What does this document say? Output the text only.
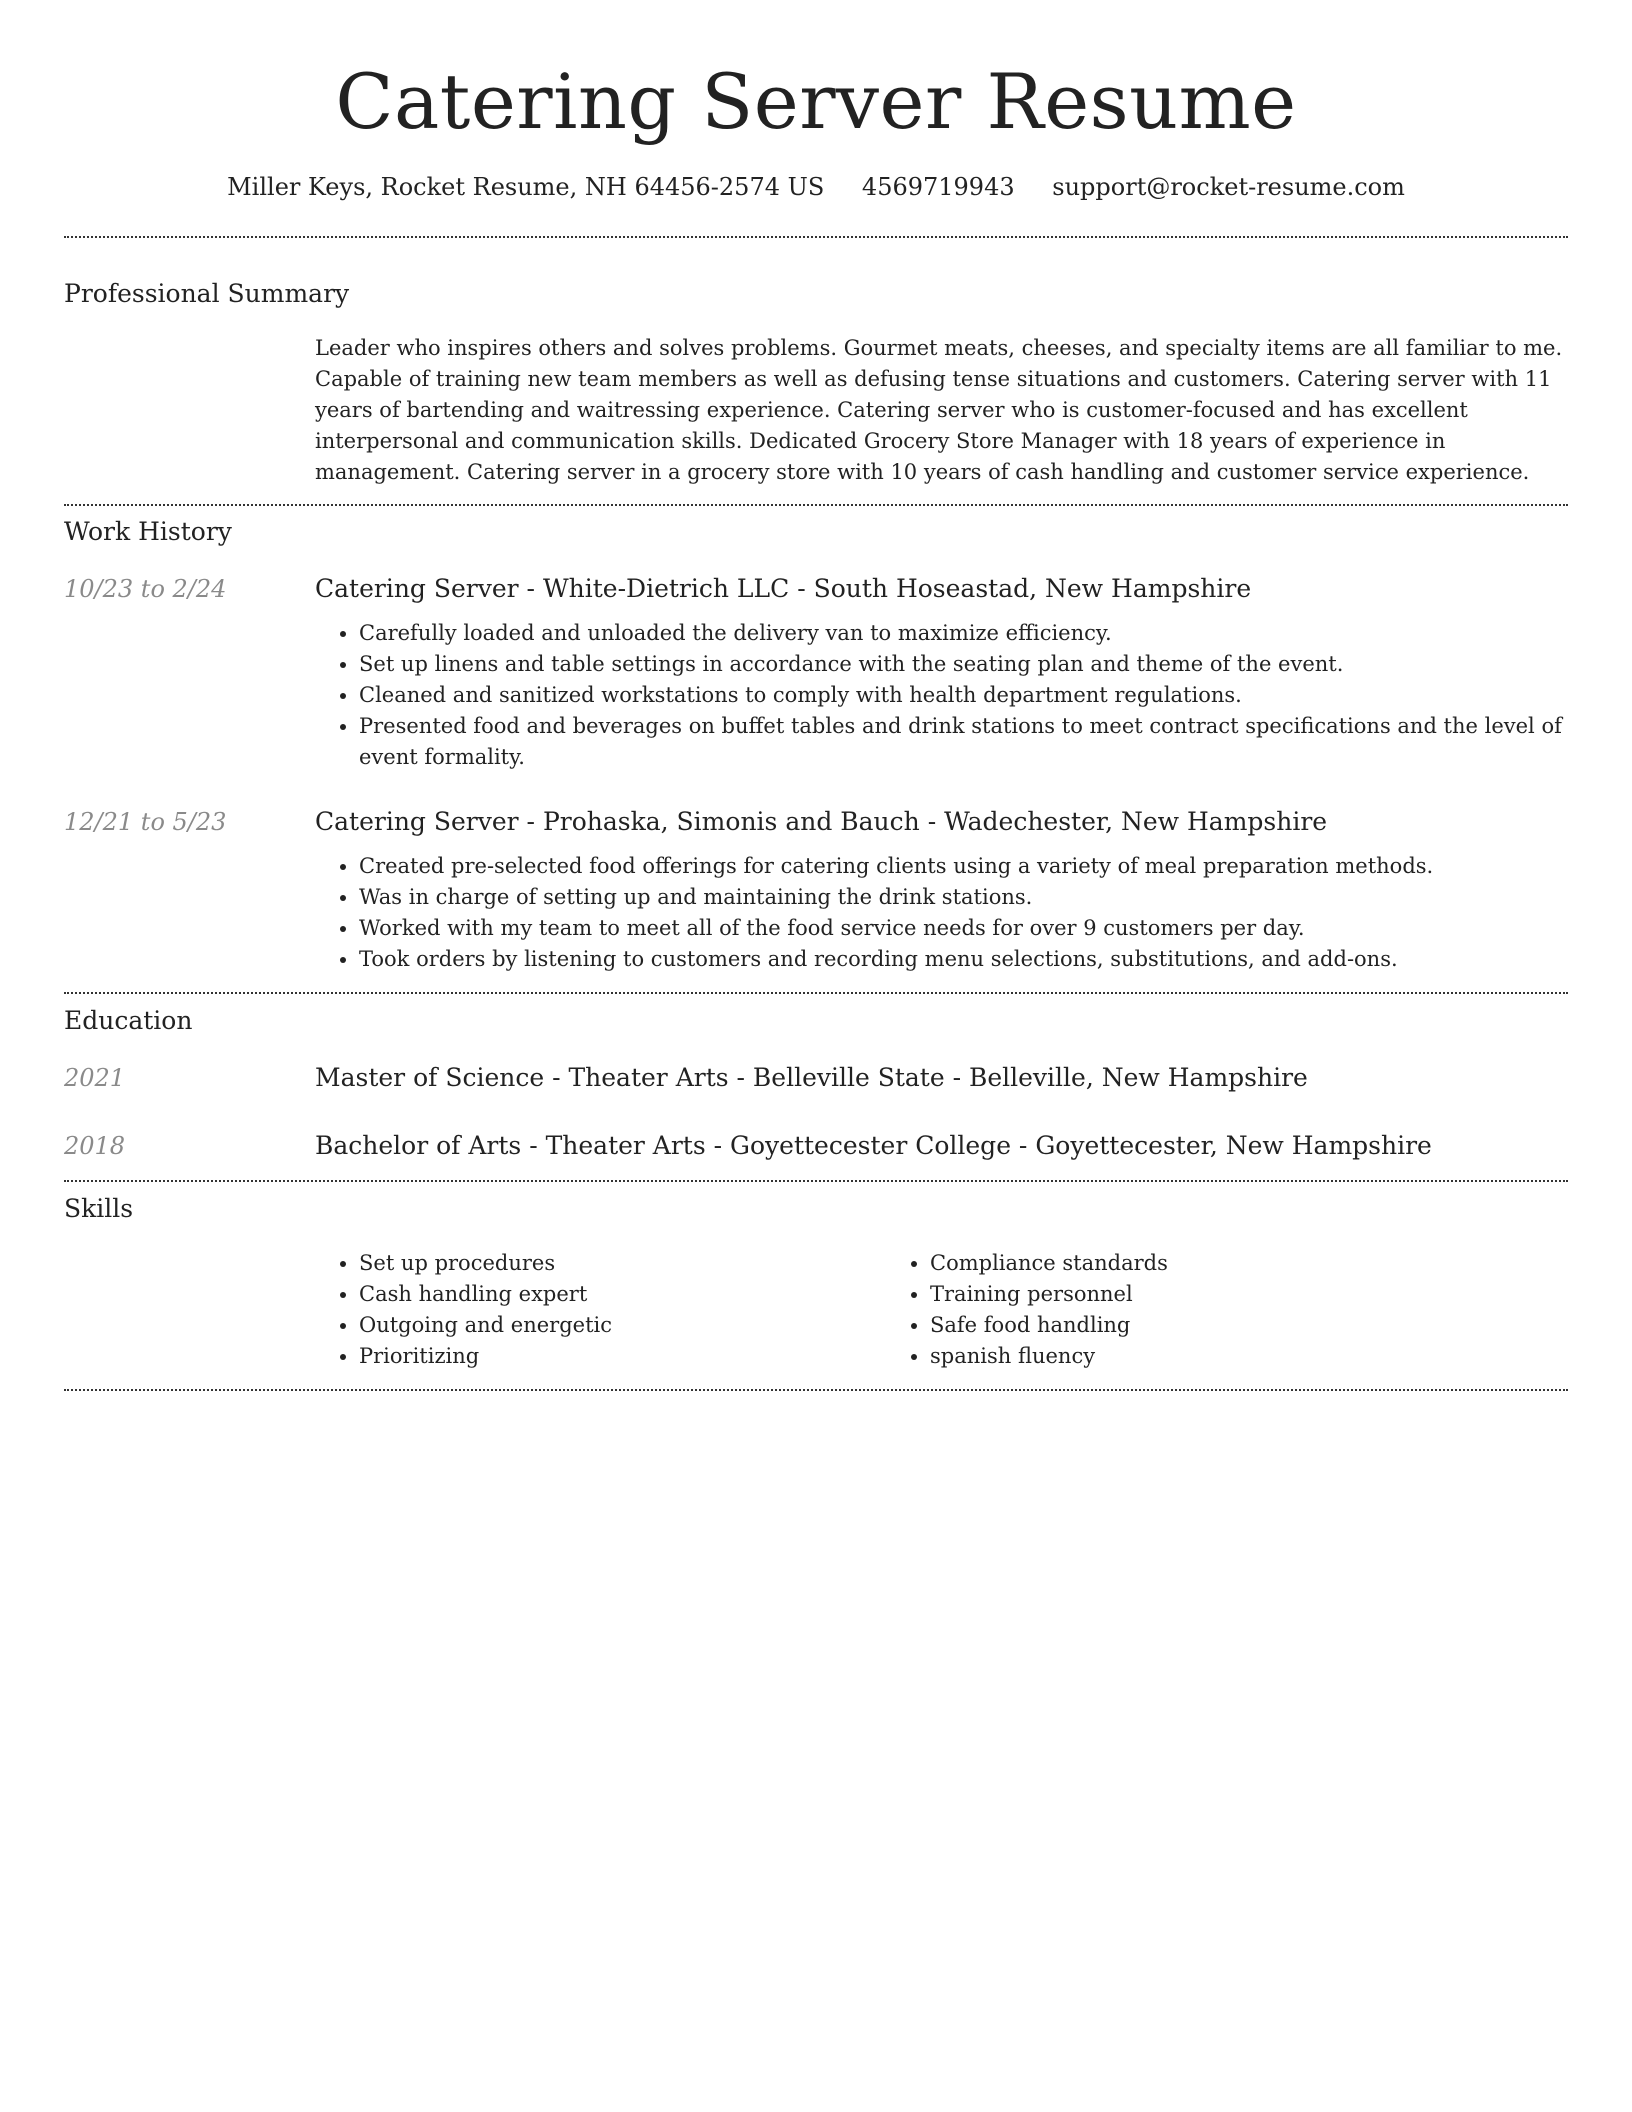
Catering Server Resume
Miller Keys, Rocket Resume, NH 64456-2574 US 4569719943 support@rocket-resume.com
Professional Summary
Leader who inspires others and solves problems. Gourmet meats, cheeses, and specialty items are all familiar to me. Capable of training new team members as well as defusing tense situations and customers. Catering server with 11 years of bartending and waitressing experience. Catering server who is customer-focused and has excellent interpersonal and communication skills. Dedicated Grocery Store Manager with 18 years of experience in management. Catering server in a grocery store with 10 years of cash handling and customer service experience.
Work History
10/23 to 2/24	Catering Server - White-Dietrich LLC - South Hoseastad, New Hampshire
• Carefully loaded and unloaded the delivery van to maximize efficiency.
• Set up linens and table settings in accordance with the seating plan and theme of the event.
• Cleaned and sanitized workstations to comply with health department regulations.
• Presented food and beverages on buffet tables and drink stations to meet contract specifications and the level of event formality.
12/21 to 5/23	Catering Server - Prohaska, Simonis and Bauch - Wadechester, New Hampshire
• Created pre-selected food offerings for catering clients using a variety of meal preparation methods.
• Was in charge of setting up and maintaining the drink stations.
• Worked with my team to meet all of the food service needs for over 9 customers per day.
• Took orders by listening to customers and recording menu selections, substitutions, and add-ons.
Education
2021	Master of Science - Theater Arts - Belleville State - Belleville, New Hampshire
2018	Bachelor of Arts - Theater Arts - Goyettecester College - Goyettecester, New Hampshire
Skills
• Set up procedures
• Cash handling expert
• Outgoing and energetic
• Prioritizing
• Compliance standards
• Training personnel
• Safe food handling
• spanish fluency
